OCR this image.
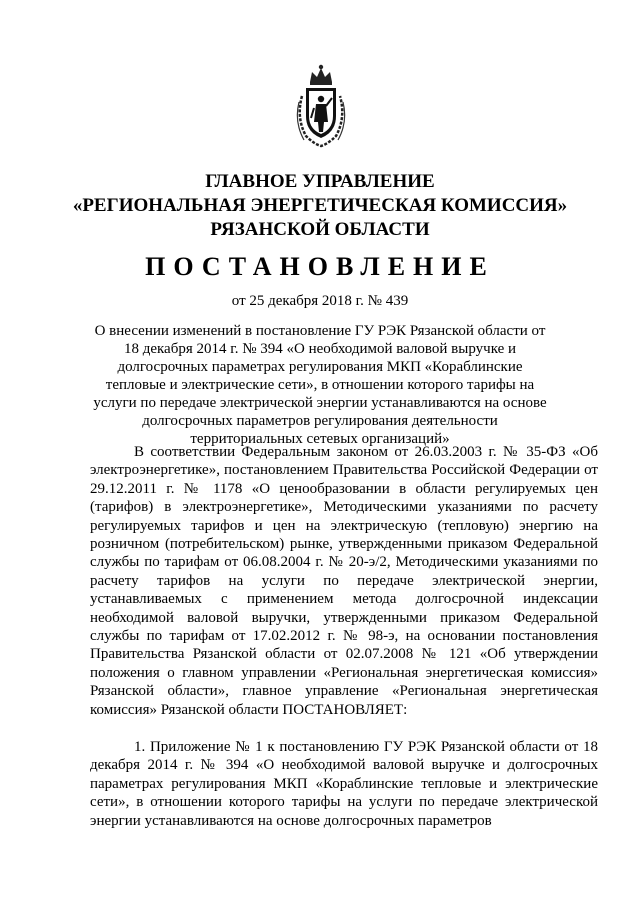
ГЛАВНОЕ УПРАВЛЕНИЕ
«РЕГИОНАЛЬНАЯ ЭНЕРГЕТИЧЕСКАЯ КОМИССИЯ»
РЯЗАНСКОЙ ОБЛАСТИ
ПОСТАНОВЛЕНИЕ
от 25 декабря 2018 г. № 439
О внесении изменений в постановление ГУ РЭК Рязанской области от 18 декабря 2014 г. № 394 «О необходимой валовой выручке и долгосрочных параметрах регулирования МКП «Кораблинские тепловые и электрические сети», в отношении которого тарифы на услуги по передаче электрической энергии устанавливаются на основе долгосрочных параметров регулирования деятельности территориальных сетевых организаций»

В соответствии Федеральным законом от 26.03.2003 г. № 35-ФЗ «Об электроэнергетике», постановлением Правительства Российской Федерации от 29.12.2011 г. № 1178 «О ценообразовании в области регулируемых цен (тарифов) в электроэнергетике», Методическими указаниями по расчету регулируемых тарифов и цен на электрическую (тепловую) энергию на розничном (потребительском) рынке, утвержденными приказом Федеральной службы по тарифам от 06.08.2004 г. № 20-э/2, Методическими указаниями по расчету тарифов на услуги по передаче электрической энергии, устанавливаемых с применением метода долгосрочной индексации необходимой валовой выручки, утвержденными приказом Федеральной службы по тарифам от 17.02.2012 г. № 98-э, на основании постановления Правительства Рязанской области от 02.07.2008 № 121 «Об утверждении положения о главном управлении «Региональная энергетическая комиссия» Рязанской области», главное управление «Региональная энергетическая комиссия» Рязанской области ПОСТАНОВЛЯЕТ:

1. Приложение № 1 к постановлению ГУ РЭК Рязанской области от 18 декабря 2014 г. № 394 «О необходимой валовой выручке и долгосрочных параметрах регулирования МКП «Кораблинские тепловые и электрические сети», в отношении которого тарифы на услуги по передаче электрической энергии устанавливаются на основе долгосрочных параметров
